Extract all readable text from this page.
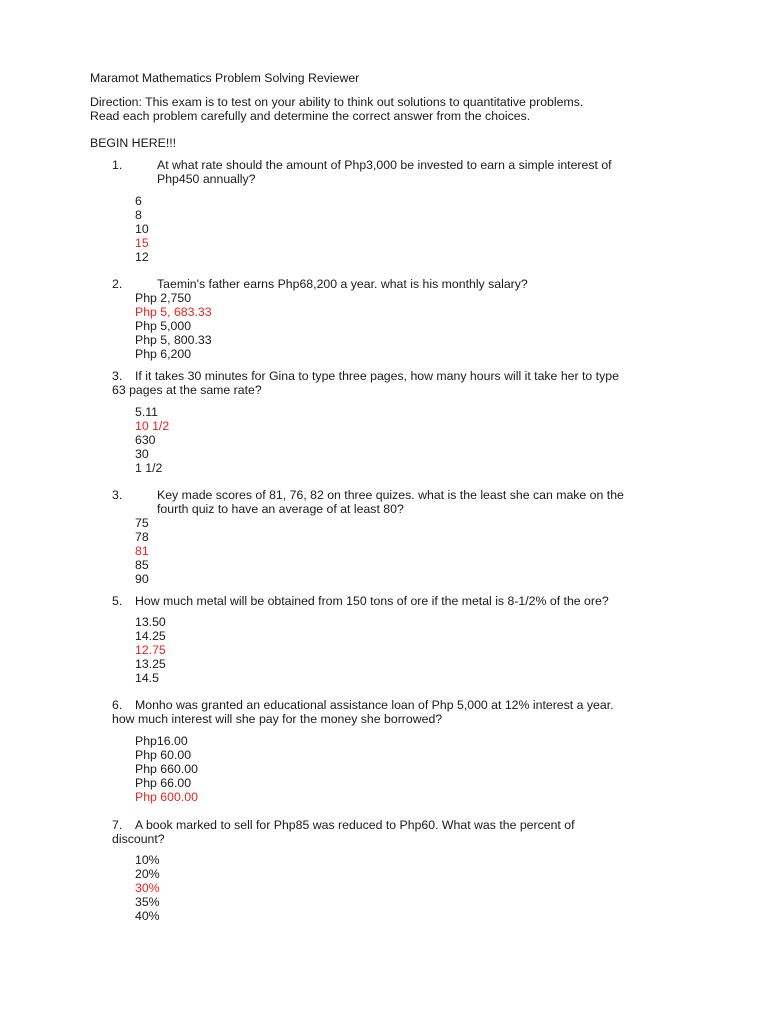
Maramot Mathematics Problem Solving Reviewer
Direction: This exam is to test on your ability to think out solutions to quantitative problems.
Read each problem carefully and determine the correct answer from the choices.
BEGIN HERE!!!
1.	At what rate should the amount of Php3,000 be invested to earn a simple interest of
Php450 annually?
6
8
10
15
12
2.	Taemin's father earns Php68,200 a year. what is his monthly salary?
Php 2,750
Php 5, 683.33
Php 5,000
Php 5, 800.33
Php 6,200
3.	If it takes 30 minutes for Gina to type three pages, how many hours will it take her to type
63 pages at the same rate?
5.11
10 1/2
630
30
1 1/2
3.	Key made scores of 81, 76, 82 on three quizes. what is the least she can make on the
fourth quiz to have an average of at least 80?
75
78
81
85
90
5.	How much metal will be obtained from 150 tons of ore if the metal is 8-1/2% of the ore?
13.50
14.25
12.75
13.25
14.5
6.	Monho was granted an educational assistance loan of Php 5,000 at 12% interest a year.
how much interest will she pay for the money she borrowed?
Php16.00
Php 60.00
Php 660.00
Php 66.00
Php 600.00
7.	A book marked to sell for Php85 was reduced to Php60. What was the percent of
discount?
10%
20%
30%
35%
40%
